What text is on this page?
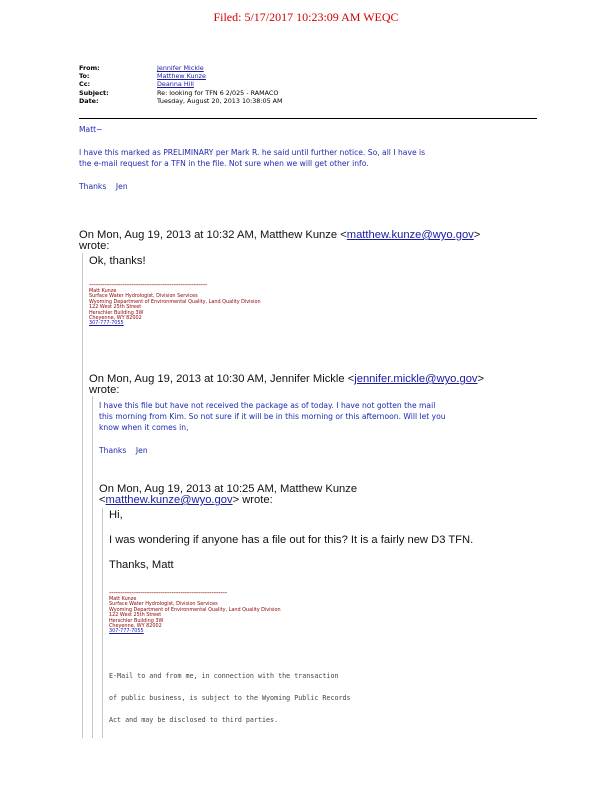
Filed: 5/17/2017 10:23:09 AM WEQC
From:	Jennifer Mickle
To:	Matthew Kunze
Cc:	Deanna Hill
Subject:	Re: looking for TFN 6 2/025 - RAMACO
Date:	Tuesday, August 20, 2013 10:38:05 AM
Matt~
I have this marked as PRELIMINARY per Mark R. he said until further notice. So, all I have is
the e-mail request for a TFN in the file. Not sure when we will get other info.
Thanks    Jen
On Mon, Aug 19, 2013 at 10:32 AM, Matthew Kunze <matthew.kunze@wyo.gov>
wrote:
Ok, thanks!
-----------------------------------------------------
Matt Kunze
Surface Water Hydrologist, Division Services
Wyoming Department of Environmental Quality, Land Quality Division
122 West 25th Street
Herschler Building 3W
Cheyenne, WY 82002
307-777-7055
On Mon, Aug 19, 2013 at 10:30 AM, Jennifer Mickle <jennifer.mickle@wyo.gov>
wrote:
I have this file but have not received the package as of today. I have not gotten the mail
this morning from Kim. So not sure if it will be in this morning or this afternoon. Will let you
know when it comes in,
Thanks    Jen
On Mon, Aug 19, 2013 at 10:25 AM, Matthew Kunze
<matthew.kunze@wyo.gov> wrote:
Hi,
I was wondering if anyone has a file out for this? It is a fairly new D3 TFN.
Thanks, Matt
-----------------------------------------------------
Matt Kunze
Surface Water Hydrologist, Division Services
Wyoming Department of Environmental Quality, Land Quality Division
122 West 25th Street
Herschler Building 3W
Cheyenne, WY 82002
307-777-7055

E-Mail to and from me, in connection with the transaction

of public business, is subject to the Wyoming Public Records

Act and may be disclosed to third parties.
